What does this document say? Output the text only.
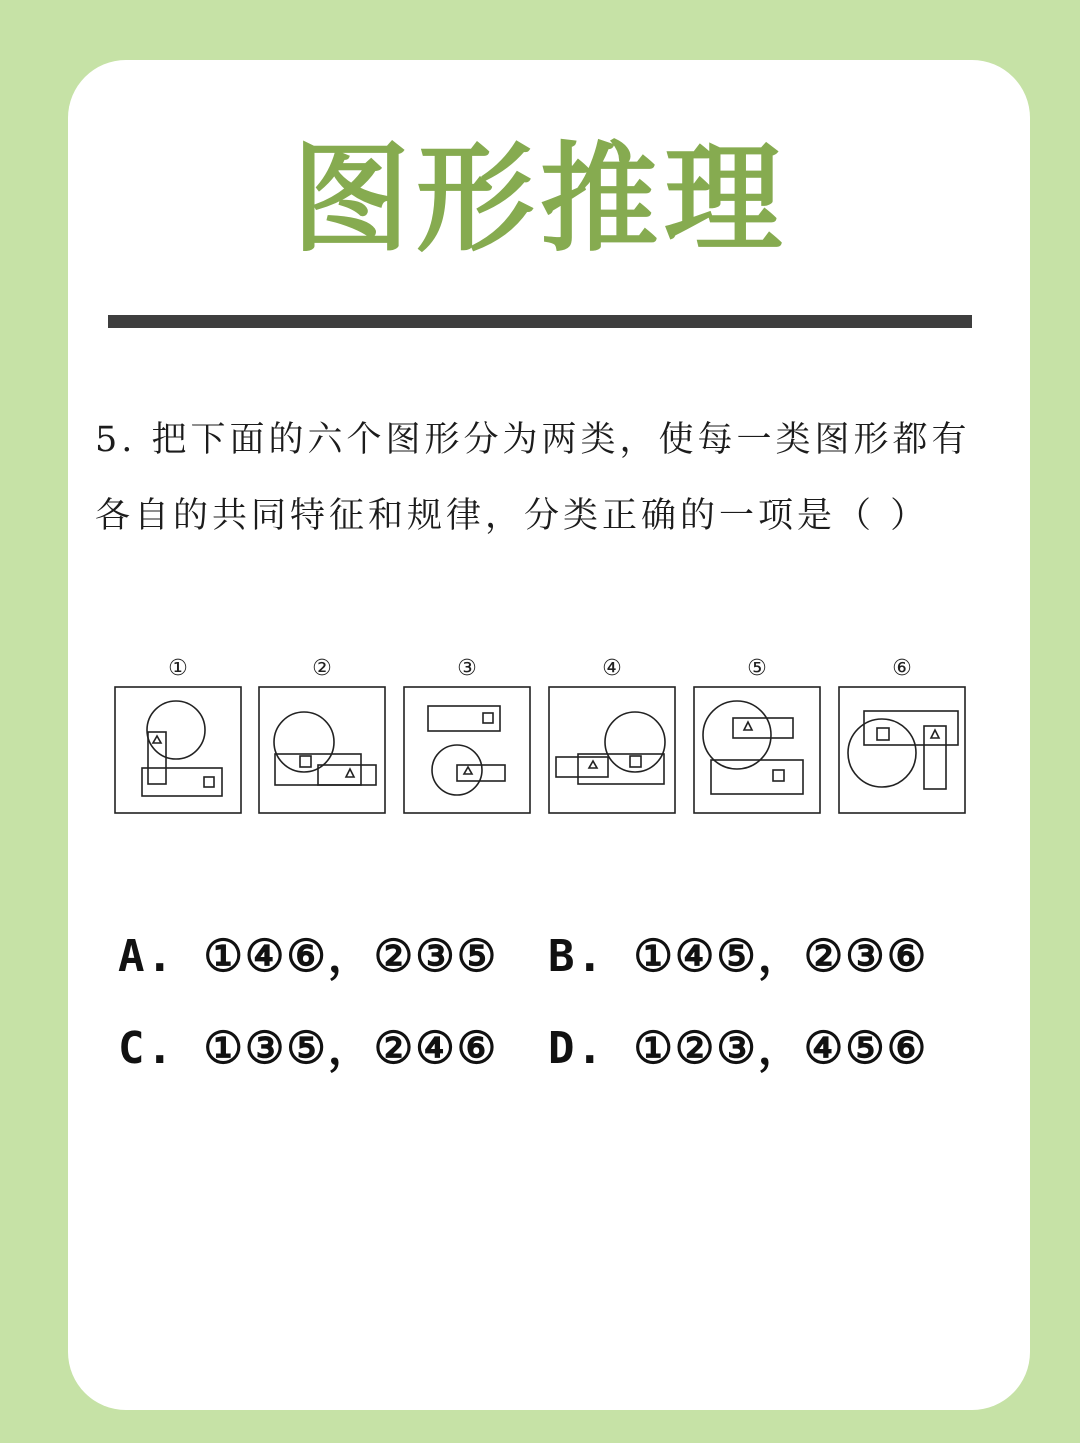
图形推理
5. 把下面的六个图形分为两类，使每一类图形都有各自的共同特征和规律，分类正确的一项是（ ）
①	②	③	④	⑤	⑥
A. ①④⑥，②③⑤ B. ①④⑤，②③⑥
C. ①③⑤，②④⑥ D. ①②③，④⑤⑥
